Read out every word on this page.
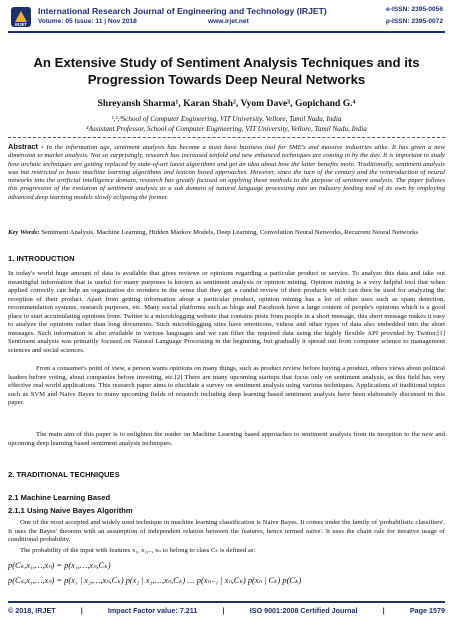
IRJET
International Research Journal of Engineering and Technology (IRJET)
Volume: 05 Issue: 11 | Nov 2018	www.irjet.net
e-ISSN: 2395-0056
p-ISSN: 2395-0072
An Extensive Study of Sentiment Analysis Techniques and its Progression Towards Deep Neural Networks
Shreyansh Sharma¹, Karan Shah², Vyom Dave³, Gopichand G.⁴
¹,²,³School of Computer Engineering, VIT University, Vellore, Tamil Nadu, India
⁴Assistant Professor, School of Computer Engineering, VIT University, Vellore, Tamil Nadu, India
Abstract - In the information age, sentiment analysis has become a must have business tool for SME's and massive industries alike. It has given a new dimension to market analysis. Not so surprisingly, research has increased tenfold and new enhanced techniques are coming in by the day. It is important to study how archaic techniques are getting replaced by state-of-art latest algorithms and get an idea about how the latter benefits more. Traditionally, sentiment analysis was but restricted to basic machine learning algorithms and lexicon based approaches. However, since the turn of the century and the reintroduction of neural networks into the artificial intelligence domain, research has greatly focused on applying these methods to the purpose of sentiment analysis. The paper follows this progression of the evolution of sentiment analysis as a sub domain of natural language processing into an industry feeding tool of its own by employing advanced deep learning models slowly eclipsing the former.
Key Words: Sentiment Analysis, Machine Learning, Hidden Markov Models, Deep Learning, Convolution Neural Networks, Recurrent Neural Networks
1. INTRODUCTION
In today's world huge amount of data is available that gives reviews or opinions regarding a particular product or service. To analyze this data and take out meaningful information that is useful for many purposes is known as sentiment analysis or opinion mining. Opinion mining is a very helpful tool that when applied correctly can help an organization do wonders in the sense that they get a candid review of their products which can then be used for analyzing the reception of their product. Apart from getting information about a particular product, opinion mining has a lot of other uses such as spam detection, recommendation systems, research purposes, etc. Many social platforms such as blogs and Facebook have a large content of people's opinions which is a good place to start accumulating opinions from. Twitter is a microblogging website that contains posts from people in a short message, this short message makes it easy to analyze the opinions rather than long documents. Such microblogging sites have emoticons, videos and other types of data also embedded into the short messages. Such information is also available in various languages and we can filter the required data using the highly flexible API provided by Twitter.[1] Sentiment analysis was primarily focused on Natural Language Processing in the beginning, but gradually it spread out from computer science to management sciences and social sciences.
From a consumer's point of view, a person wants opinions on many things, such as product review before buying a product, others views about political leaders before voting, about companies before investing, etc.[2] There are many upcoming startups that focus only on sentiment analysis, as this field has very effective real world applications. This research paper aims to elucidate a survey on sentiment analysis using various techniques. Applications of traditional topics such as SVM and Naive Bayes to many upcoming fields of research including deep learning based sentiment analysis have been elaborately discussed in this paper.
The main aim of this paper is to enlighten the reader on Machine Learning based approaches to sentiment analysis from its inception to the new and upcoming deep learning based sentiment analysis techniques.
2. TRADITIONAL TECHNIQUES
2.1 Machine Learning Based
2.1.1 Using Naive Bayes Algorithm
One of the most accepted and widely used technique in machine learning classification is Naive Bayes. It comes under the family of 'probabilistic classifiers'. It uses the Bayes' theorem with an assumption of independent relation between the features, hence termed naive'. It uses the chain rule for iterative usage of conditional probability.
The probability of the input with features x₁, x₂,.., xₙ to belong to class Cₖ is defined as:
p(Cₖ,x₁,…,xₙ) = p(x₁,…,xₙ,Cₖ)
p(Cₖ,x₁,…,xₙ) = p(x₁ | x₂,…,xₙ,Cₖ) p(x₂ | x₃,…,xₙ,Cₖ) … p(xₙ₋₁ | xₙ,Cₖ) p(xₙ | Cₖ) p(Cₖ)
© 2018, IRJET	|	Impact Factor value: 7.211	|	ISO 9001:2008 Certified Journal	|	Page 1579
